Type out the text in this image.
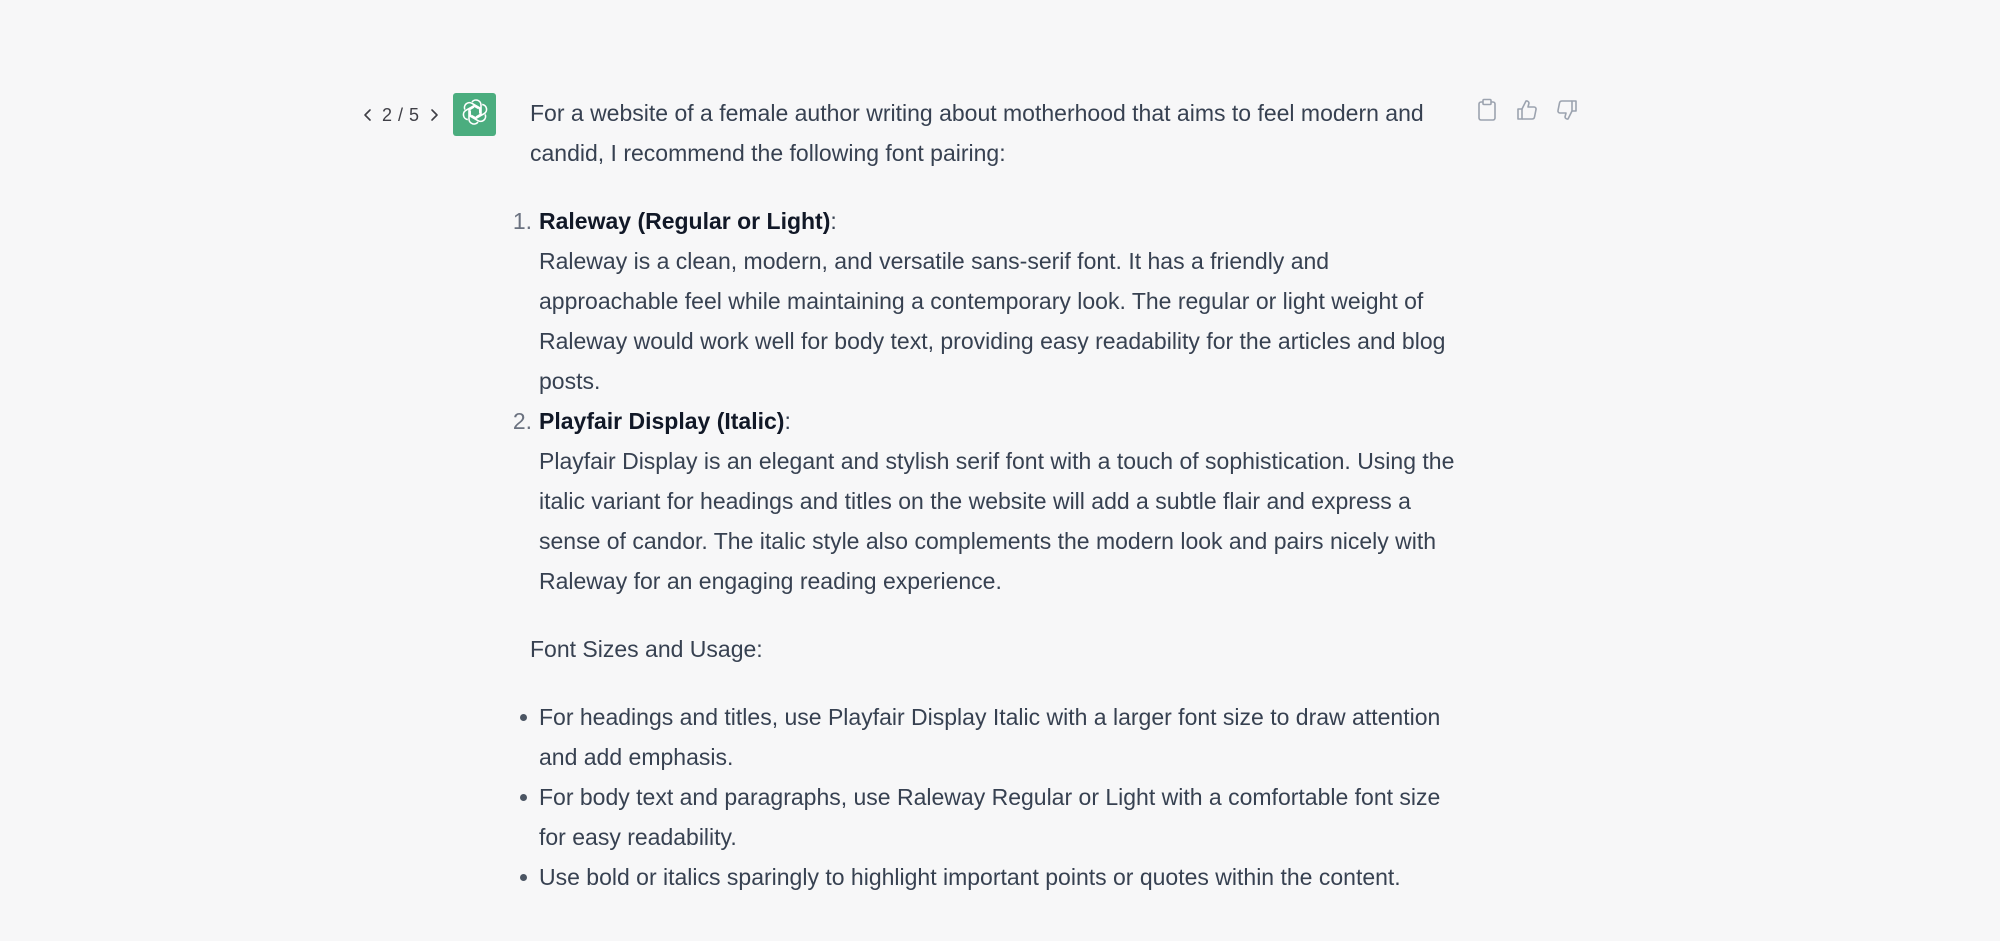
2 / 5	For a website of a female author writing about motherhood that aims to feel modern and candid, I recommend the following font pairing:

1. Raleway (Regular or Light):
Raleway is a clean, modern, and versatile sans-serif font. It has a friendly and approachable feel while maintaining a contemporary look. The regular or light weight of Raleway would work well for body text, providing easy readability for the articles and blog posts.
2. Playfair Display (Italic):
Playfair Display is an elegant and stylish serif font with a touch of sophistication. Using the italic variant for headings and titles on the website will add a subtle flair and express a sense of candor. The italic style also complements the modern look and pairs nicely with Raleway for an engaging reading experience.

Font Sizes and Usage:

For headings and titles, use Playfair Display Italic with a larger font size to draw attention and add emphasis.
For body text and paragraphs, use Raleway Regular or Light with a comfortable font size for easy readability.
Use bold or italics sparingly to highlight important points or quotes within the content.
